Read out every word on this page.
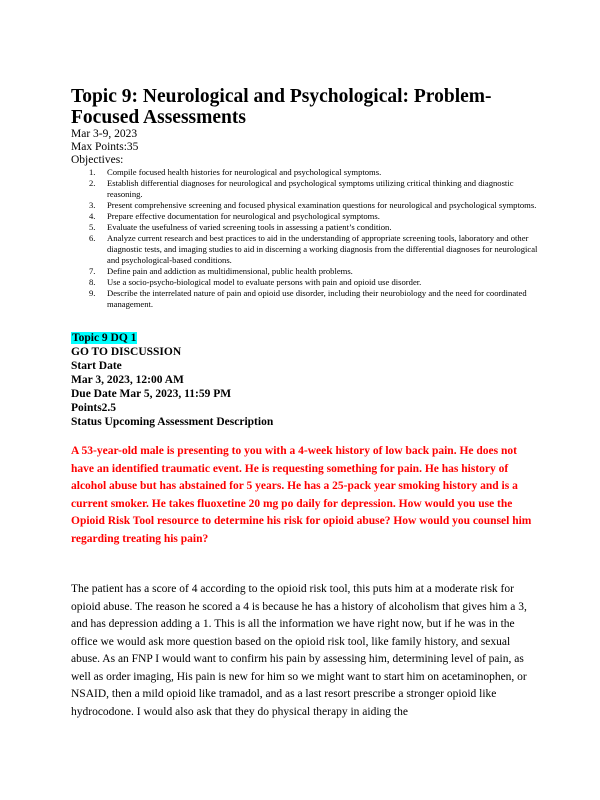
Topic 9: Neurological and Psychological: Problem-Focused Assessments
Mar 3-9, 2023
Max Points:35
Objectives:
1.	Compile focused health histories for neurological and psychological symptoms.
2.	Establish differential diagnoses for neurological and psychological symptoms utilizing critical thinking and diagnostic reasoning.
3.	Present comprehensive screening and focused physical examination questions for neurological and psychological symptoms.
4.	Prepare effective documentation for neurological and psychological symptoms.
5.	Evaluate the usefulness of varied screening tools in assessing a patient’s condition.
6.	Analyze current research and best practices to aid in the understanding of appropriate screening tools, laboratory and other diagnostic tests, and imaging studies to aid in discerning a working diagnosis from the differential diagnoses for neurological and psychological-based conditions.
7.	Define pain and addiction as multidimensional, public health problems.
8.	Use a socio-psycho-biological model to evaluate persons with pain and opioid use disorder.
9.	Describe the interrelated nature of pain and opioid use disorder, including their neurobiology and the need for coordinated management.
Topic 9 DQ 1
GO TO DISCUSSION
Start Date
Mar 3, 2023, 12:00 AM
Due Date Mar 5, 2023, 11:59 PM
Points2.5
Status Upcoming Assessment Description

A 53-year-old male is presenting to you with a 4-week history of low back pain. He does not have an identified traumatic event. He is requesting something for pain. He has history of alcohol abuse but has abstained for 5 years. He has a 25-pack year smoking history and is a current smoker. He takes fluoxetine 20 mg po daily for depression. How would you use the Opioid Risk Tool resource to determine his risk for opioid abuse? How would you counsel him regarding treating his pain?

The patient has a score of 4 according to the opioid risk tool, this puts him at a moderate risk for opioid abuse. The reason he scored a 4 is because he has a history of alcoholism that gives him a 3, and has depression adding a 1. This is all the information we have right now, but if he was in the office we would ask more question based on the opioid risk tool, like family history, and sexual abuse. As an FNP I would want to confirm his pain by assessing him, determining level of pain, as well as order imaging, His pain is new for him so we might want to start him on acetaminophen, or NSAID, then a mild opioid like tramadol, and as a last resort prescribe a stronger opioid like hydrocodone. I would also ask that they do physical therapy in aiding the
